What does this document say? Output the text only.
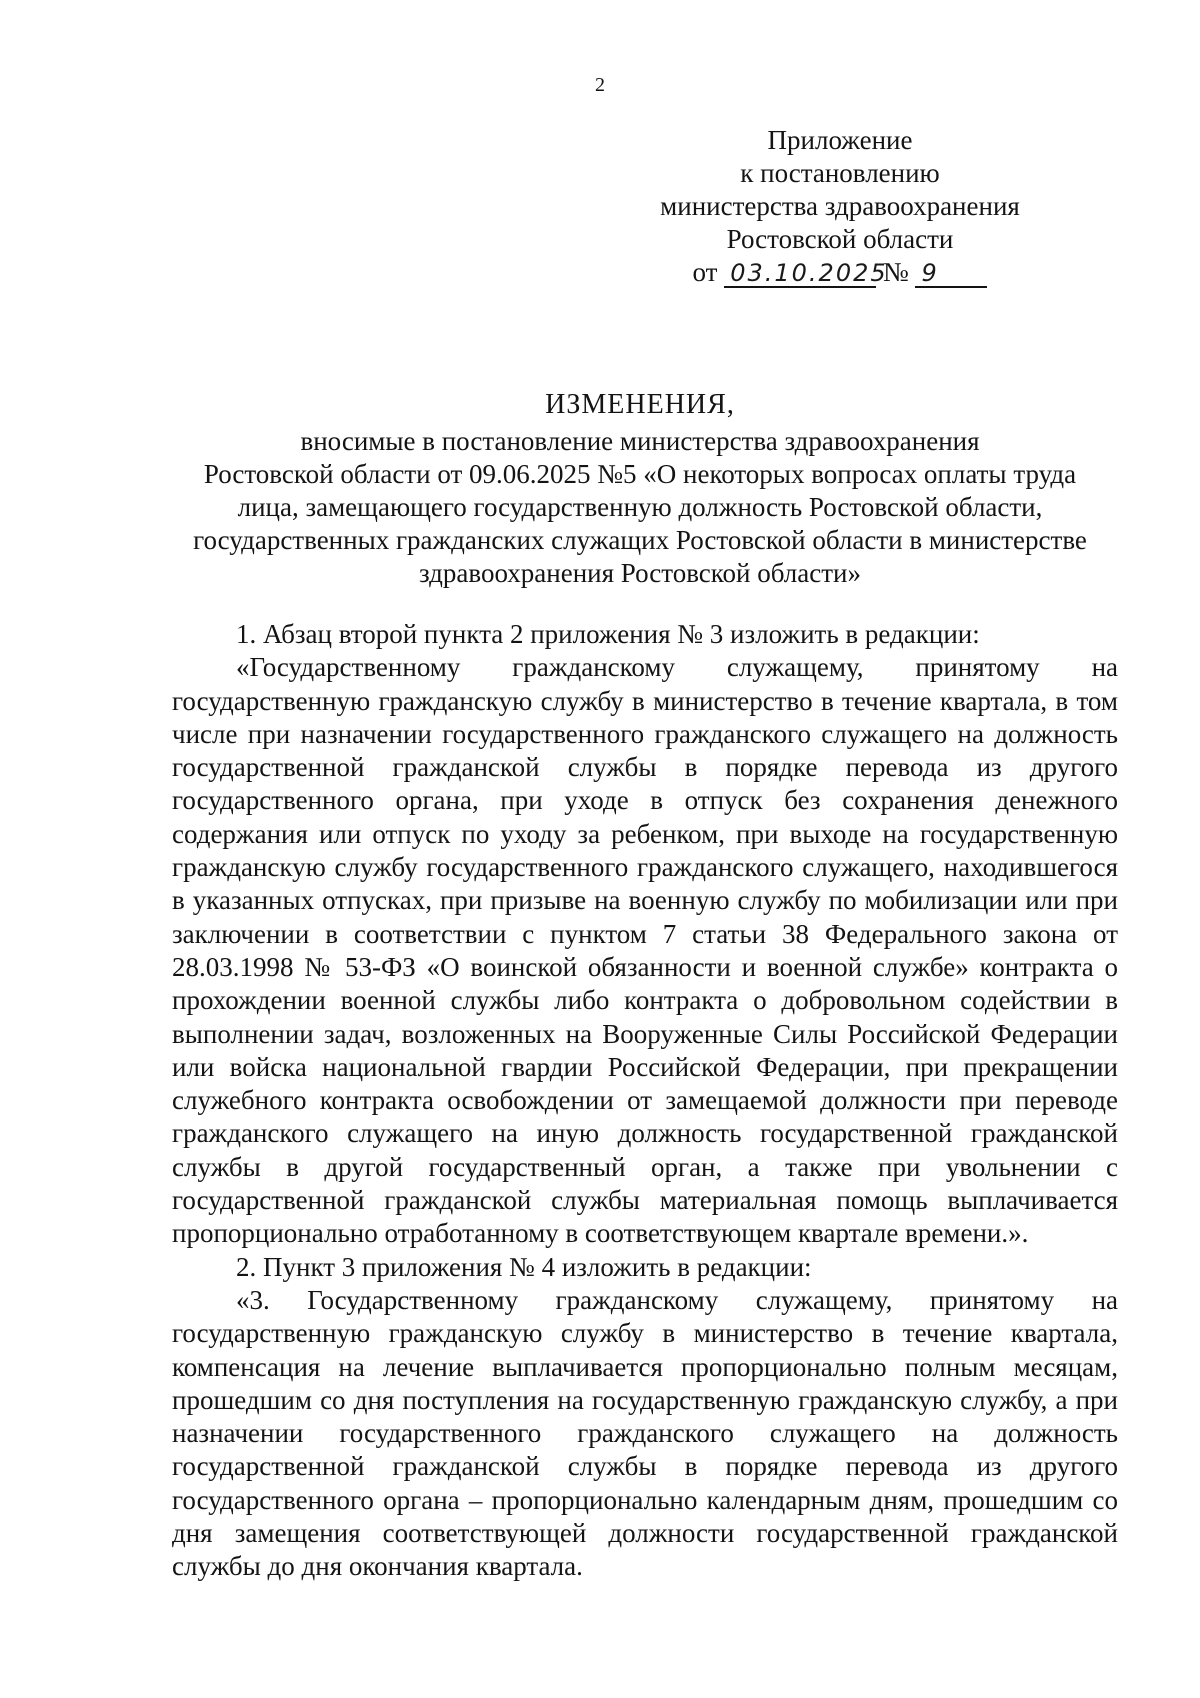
2
Приложение
к постановлению
министерства здравоохранения
Ростовской области
от 03.10.2025 № 9
ИЗМЕНЕНИЯ,
вносимые в постановление министерства здравоохранения
Ростовской области от 09.06.2025 №5 «О некоторых вопросах оплаты труда
лица, замещающего государственную должность Ростовской области,
государственных гражданских служащих Ростовской области в министерстве
здравоохранения Ростовской области»

1. Абзац второй пункта 2 приложения № 3 изложить в редакции:

«Государственному гражданскому служащему, принятому на государственную гражданскую службу в министерство в течение квартала, в том числе при назначении государственного гражданского служащего на должность государственной гражданской службы в порядке перевода из другого государственного органа, при уходе в отпуск без сохранения денежного содержания или отпуск по уходу за ребенком, при выходе на государственную гражданскую службу государственного гражданского служащего, находившегося в указанных отпусках, при призыве на военную службу по мобилизации или при заключении в соответствии с пунктом 7 статьи 38 Федерального закона от 28.03.1998 № 53-ФЗ «О воинской обязанности и военной службе» контракта о прохождении военной службы либо контракта о добровольном содействии в выполнении задач, возложенных на Вооруженные Силы Российской Федерации или войска национальной гвардии Российской Федерации, при прекращении служебного контракта освобождении от замещаемой должности при переводе гражданского служащего на иную должность государственной гражданской службы в другой государственный орган, а также при увольнении с государственной гражданской службы материальная помощь выплачивается пропорционально отработанному в соответствующем квартале времени.».

2. Пункт 3 приложения № 4 изложить в редакции:

«3. Государственному гражданскому служащему, принятому на государственную гражданскую службу в министерство в течение квартала, компенсация на лечение выплачивается пропорционально полным месяцам, прошедшим со дня поступления на государственную гражданскую службу, а при назначении государственного гражданского служащего на должность государственной гражданской службы в порядке перевода из другого государственного органа – пропорционально календарным дням, прошедшим со дня замещения соответствующей должности государственной гражданской службы до дня окончания квартала.
